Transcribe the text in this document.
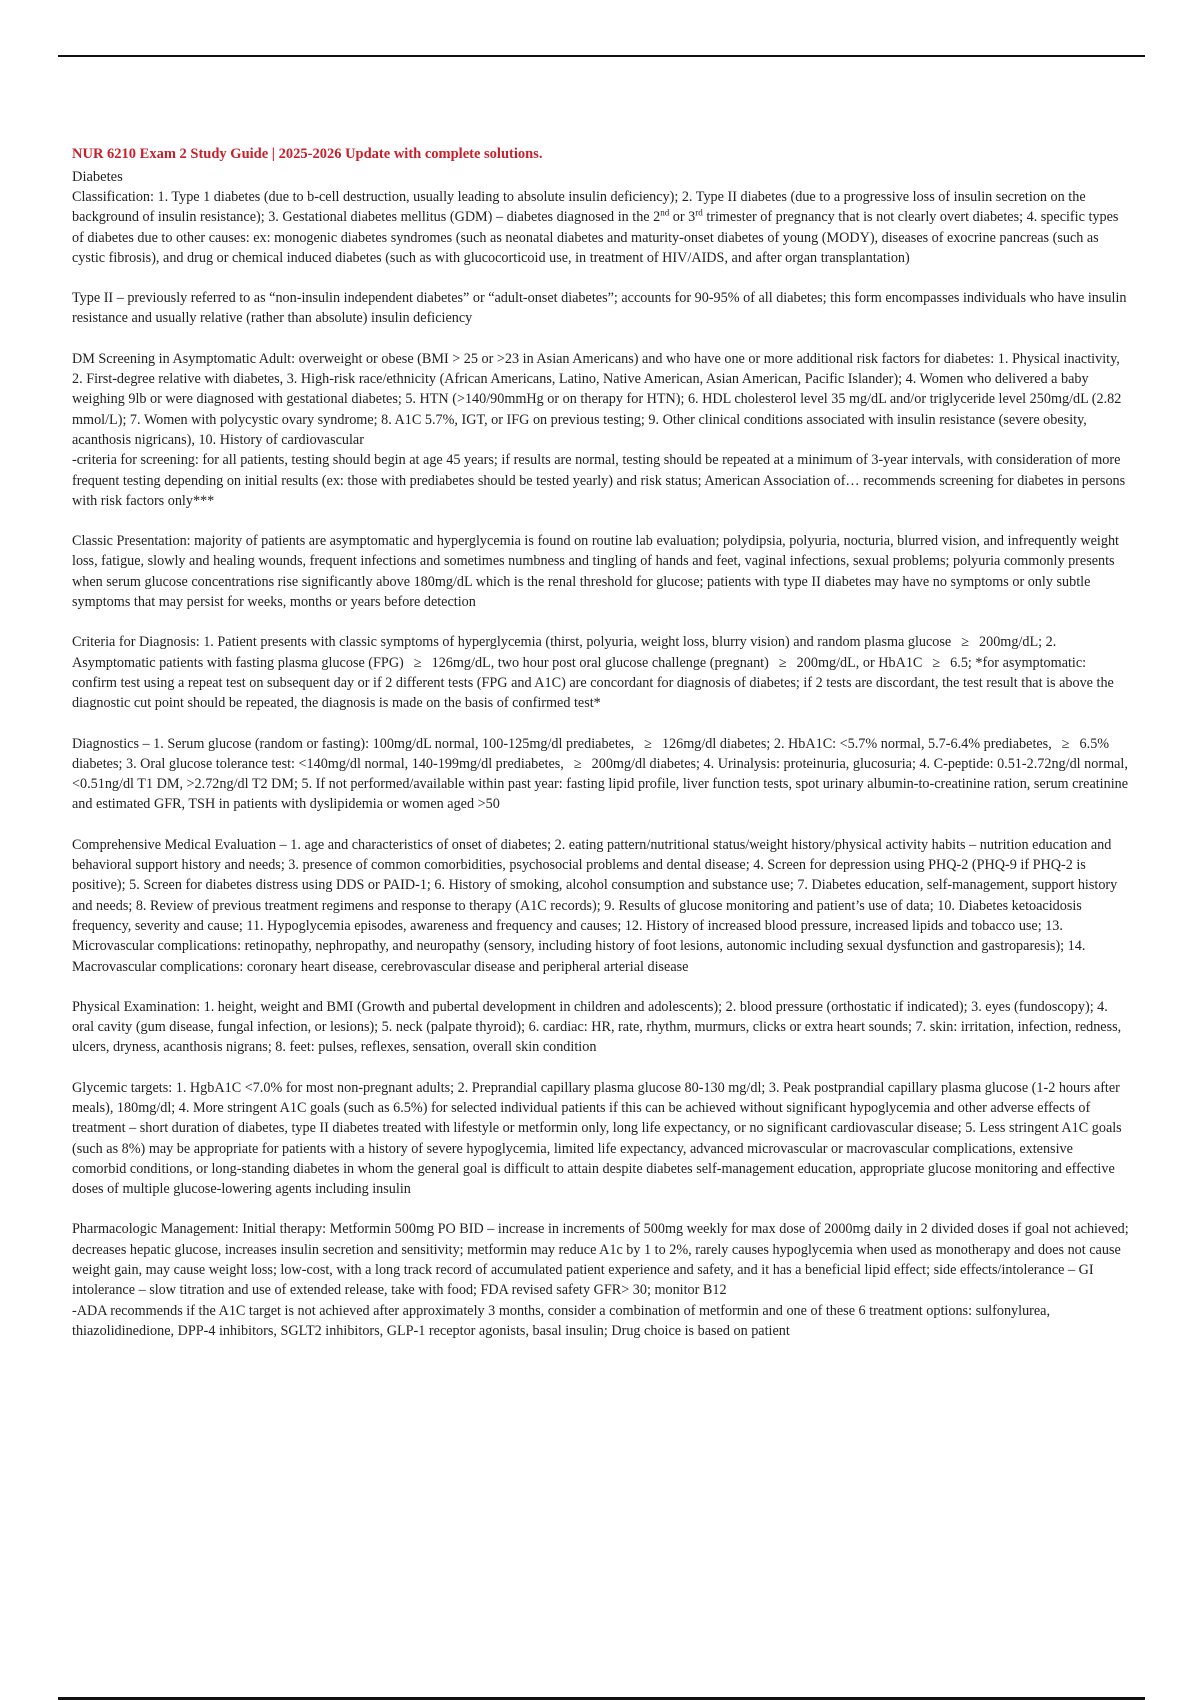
NUR 6210 Exam 2 Study Guide | 2025-2026 Update with complete solutions.

Diabetes

Classification: 1. Type 1 diabetes (due to b-cell destruction, usually leading to absolute insulin deficiency); 2. Type II diabetes (due to a progressive loss of insulin secretion on the background of insulin resistance); 3. Gestational diabetes mellitus (GDM) – diabetes diagnosed in the 2nd or 3rd trimester of pregnancy that is not clearly overt diabetes; 4. specific types of diabetes due to other causes: ex: monogenic diabetes syndromes (such as neonatal diabetes and maturity-onset diabetes of young (MODY), diseases of exocrine pancreas (such as cystic fibrosis), and drug or chemical induced diabetes (such as with glucocorticoid use, in treatment of HIV/AIDS, and after organ transplantation)

Type II – previously referred to as “non-insulin independent diabetes” or “adult-onset diabetes”; accounts for 90-95% of all diabetes; this form encompasses individuals who have insulin resistance and usually relative (rather than absolute) insulin deficiency

DM Screening in Asymptomatic Adult: overweight or obese (BMI > 25 or >23 in Asian Americans) and who have one or more additional risk factors for diabetes: 1. Physical inactivity, 2. First-degree relative with diabetes, 3. High-risk race/ethnicity (African Americans, Latino, Native American, Asian American, Pacific Islander); 4. Women who delivered a baby weighing 9lb or were diagnosed with gestational diabetes; 5. HTN (>140/90mmHg or on therapy for HTN); 6. HDL cholesterol level 35 mg/dL and/or triglyceride level 250mg/dL (2.82 mmol/L); 7. Women with polycystic ovary syndrome; 8. A1C 5.7%, IGT, or IFG on previous testing; 9. Other clinical conditions associated with insulin resistance (severe obesity, acanthosis nigricans), 10. History of cardiovascular

-criteria for screening: for all patients, testing should begin at age 45 years; if results are normal, testing should be repeated at a minimum of 3-year intervals, with consideration of more frequent testing depending on initial results (ex: those with prediabetes should be tested yearly) and risk status; American Association of… recommends screening for diabetes in persons with risk factors only***

Classic Presentation: majority of patients are asymptomatic and hyperglycemia is found on routine lab evaluation; polydipsia, polyuria, nocturia, blurred vision, and infrequently weight loss, fatigue, slowly and healing wounds, frequent infections and sometimes numbness and tingling of hands and feet, vaginal infections, sexual problems; polyuria commonly presents when serum glucose concentrations rise significantly above 180mg/dL which is the renal threshold for glucose; patients with type II diabetes may have no symptoms or only subtle symptoms that may persist for weeks, months or years before detection

Criteria for Diagnosis: 1. Patient presents with classic symptoms of hyperglycemia (thirst, polyuria, weight loss, blurry vision) and random plasma glucose ≥ 200mg/dL; 2. Asymptomatic patients with fasting plasma glucose (FPG) ≥ 126mg/dL, two hour post oral glucose challenge (pregnant) ≥ 200mg/dL, or HbA1C ≥ 6.5; *for asymptomatic: confirm test using a repeat test on subsequent day or if 2 different tests (FPG and A1C) are concordant for diagnosis of diabetes; if 2 tests are discordant, the test result that is above the diagnostic cut point should be repeated, the diagnosis is made on the basis of confirmed test*

Diagnostics – 1. Serum glucose (random or fasting): 100mg/dL normal, 100-125mg/dl prediabetes, ≥ 126mg/dl diabetes; 2. HbA1C: <5.7% normal, 5.7-6.4% prediabetes, ≥ 6.5% diabetes; 3. Oral glucose tolerance test: <140mg/dl normal, 140-199mg/dl prediabetes, ≥ 200mg/dl diabetes; 4. Urinalysis: proteinuria, glucosuria; 4. C-peptide: 0.51-2.72ng/dl normal, <0.51ng/dl T1 DM, >2.72ng/dl T2 DM; 5. If not performed/available within past year: fasting lipid profile, liver function tests, spot urinary albumin-to-creatinine ration, serum creatinine and estimated GFR, TSH in patients with dyslipidemia or women aged >50

Comprehensive Medical Evaluation – 1. age and characteristics of onset of diabetes; 2. eating pattern/nutritional status/weight history/physical activity habits – nutrition education and behavioral support history and needs; 3. presence of common comorbidities, psychosocial problems and dental disease; 4. Screen for depression using PHQ-2 (PHQ-9 if PHQ-2 is positive); 5. Screen for diabetes distress using DDS or PAID-1; 6. History of smoking, alcohol consumption and substance use; 7. Diabetes education, self-management, support history and needs; 8. Review of previous treatment regimens and response to therapy (A1C records); 9. Results of glucose monitoring and patient’s use of data; 10. Diabetes ketoacidosis frequency, severity and cause; 11. Hypoglycemia episodes, awareness and frequency and causes; 12. History of increased blood pressure, increased lipids and tobacco use; 13. Microvascular complications: retinopathy, nephropathy, and neuropathy (sensory, including history of foot lesions, autonomic including sexual dysfunction and gastroparesis); 14. Macrovascular complications: coronary heart disease, cerebrovascular disease and peripheral arterial disease

Physical Examination: 1. height, weight and BMI (Growth and pubertal development in children and adolescents); 2. blood pressure (orthostatic if indicated); 3. eyes (fundoscopy); 4. oral cavity (gum disease, fungal infection, or lesions); 5. neck (palpate thyroid); 6. cardiac: HR, rate, rhythm, murmurs, clicks or extra heart sounds; 7. skin: irritation, infection, redness, ulcers, dryness, acanthosis nigrans; 8. feet: pulses, reflexes, sensation, overall skin condition

Glycemic targets: 1. HgbA1C <7.0% for most non-pregnant adults; 2. Preprandial capillary plasma glucose 80-130 mg/dl; 3. Peak postprandial capillary plasma glucose (1-2 hours after meals), 180mg/dl; 4. More stringent A1C goals (such as 6.5%) for selected individual patients if this can be achieved without significant hypoglycemia and other adverse effects of treatment – short duration of diabetes, type II diabetes treated with lifestyle or metformin only, long life expectancy, or no significant cardiovascular disease; 5. Less stringent A1C goals (such as 8%) may be appropriate for patients with a history of severe hypoglycemia, limited life expectancy, advanced microvascular or macrovascular complications, extensive comorbid conditions, or long-standing diabetes in whom the general goal is difficult to attain despite diabetes self-management education, appropriate glucose monitoring and effective doses of multiple glucose-lowering agents including insulin

Pharmacologic Management: Initial therapy: Metformin 500mg PO BID – increase in increments of 500mg weekly for max dose of 2000mg daily in 2 divided doses if goal not achieved; decreases hepatic glucose, increases insulin secretion and sensitivity; metformin may reduce A1c by 1 to 2%, rarely causes hypoglycemia when used as monotherapy and does not cause weight gain, may cause weight loss; low-cost, with a long track record of accumulated patient experience and safety, and it has a beneficial lipid effect; side effects/intolerance – GI intolerance – slow titration and use of extended release, take with food; FDA revised safety GFR> 30; monitor B12

-ADA recommends if the A1C target is not achieved after approximately 3 months, consider a combination of metformin and one of these 6 treatment options: sulfonylurea, thiazolidinedione, DPP-4 inhibitors, SGLT2 inhibitors, GLP-1 receptor agonists, basal insulin; Drug choice is based on patient
